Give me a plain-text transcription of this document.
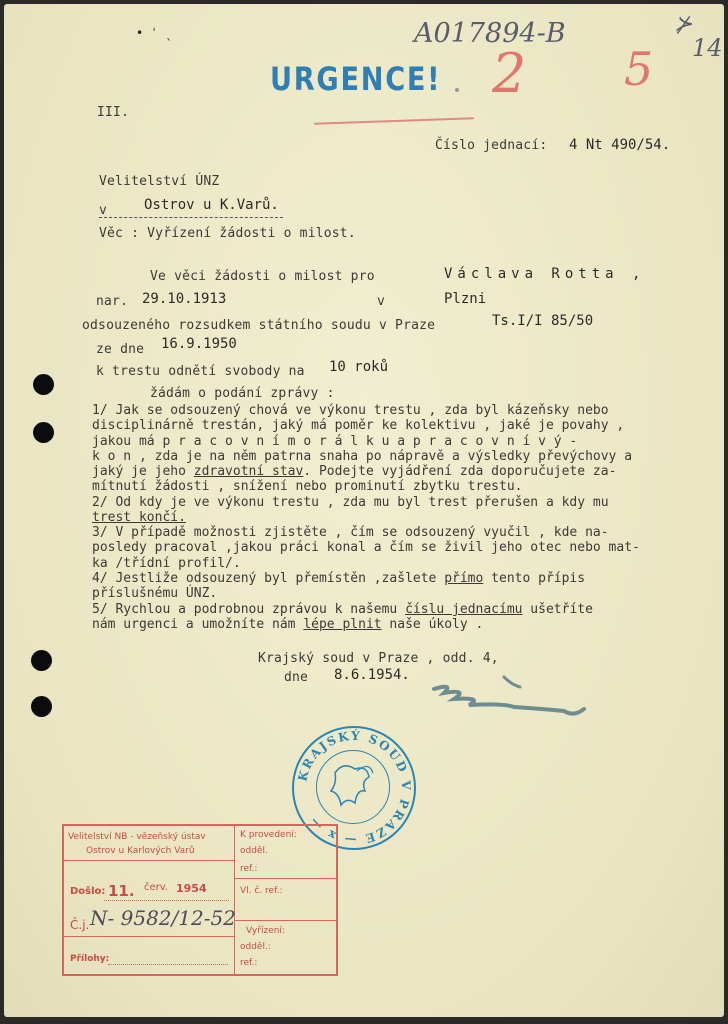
• ˈ ˎ	A017894-B	⊁
14
URGENCE! 2 5
III.
Číslo jednací: 4 Nt 490/54.
Velitelství ÚNZ
v	Ostrov u K.Varů.
Věc : Vyřízení žádosti o milost.
Ve věci žádosti o milost pro	Václava Rotta ,
nar. 29.10.1913	v	Plzni
odsouzeného rozsudkem státního soudu v Praze	Ts.I/I 85/50
ze dne 16.9.1950
k trestu odnětí svobody na 10 roků
žádám o podání zprávy :
1/ Jak se odsouzený chová ve výkonu trestu , zda byl kázeňsky nebo
disciplinárně trestán, jaký má poměr ke kolektivu , jaké je povahy ,
jakou má p r a c o v n í m o r á l k u a p r a c o v n í v ý -
k o n , zda je na něm patrna snaha po nápravě a výsledky převýchovy a
jaký je jeho zdravotní stav. Podejte vyjádření zda doporučujete za-
mítnutí žádosti , snížení nebo prominutí zbytku trestu.
2/ Od kdy je ve výkonu trestu , zda mu byl trest přerušen a kdy mu
trest končí.
3/ V případě možnosti zjistěte , čím se odsouzený vyučil , kde na-
posledy pracoval ,jakou práci konal a čím se živil jeho otec nebo mat-
ka /třídní profil/.
4/ Jestliže odsouzený byl přemístěn ,zašlete přímo tento přípis
příslušnému ÚNZ.
5/ Rychlou a podrobnou zprávou k našemu číslu jednacímu ušetříte
nám urgenci a umožníte nám lépe plnit naše úkoly .
Krajský soud v Praze , odd. 4,
dne 8.6.1954.
KRAJSKÝ SOUD V PRAZE — x —
Velitelství NB - vězeňský ústav
Ostrov u Karlových Varů
Došlo: 11. červ. 1954
Č.j. N- 9582/12-52
Přílohy:
K provedení:
odděl.
ref.:
Vl. č. ref.:
Vyřízení:
odděl.:
ref.:
